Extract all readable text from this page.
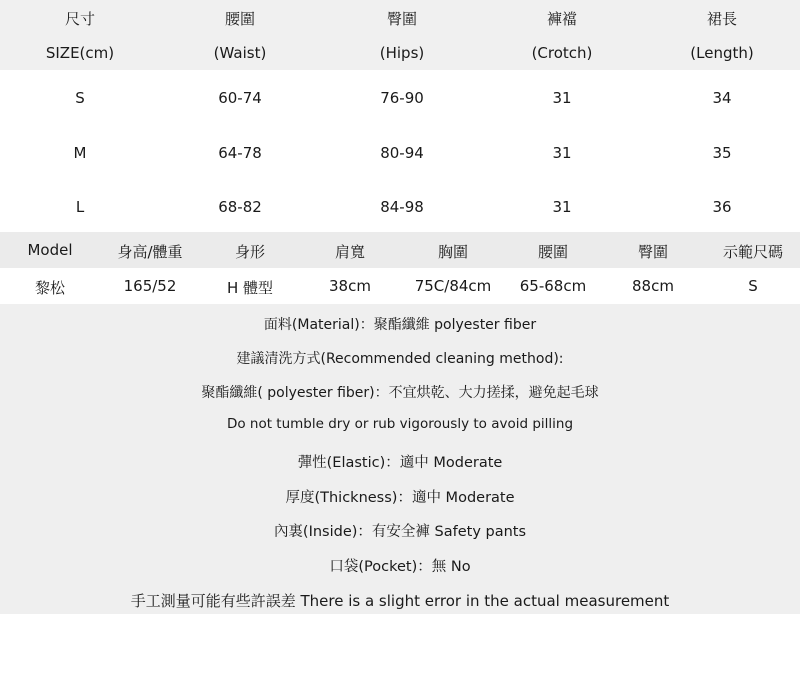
尺寸	腰圍	臀圍	褲襠	裙長
SIZE(cm)	(Waist)	(Hips)	(Crotch)	(Length)
S	60-74	76-90	31	34
M	64-78	80-94	31	35
L	68-82	84-98	31	36
Model	身高/體重	身形	肩寬	胸圍	腰圍	臀圍	示範尺碼
黎松	165/52	H 體型	38cm	75C/84cm	65-68cm	88cm	S
面料(Material)：聚酯纖維 polyester fiber
建議清洗方式(Recommended cleaning method):
聚酯纖維( polyester fiber)：不宜烘乾、大力搓揉，避免起毛球
Do not tumble dry or rub vigorously to avoid pilling
彈性(Elastic)：適中 Moderate
厚度(Thickness)：適中 Moderate
內裏(Inside)：有安全褲 Safety pants
口袋(Pocket)：無 No
手工測量可能有些許誤差 There is a slight error in the actual measurement
